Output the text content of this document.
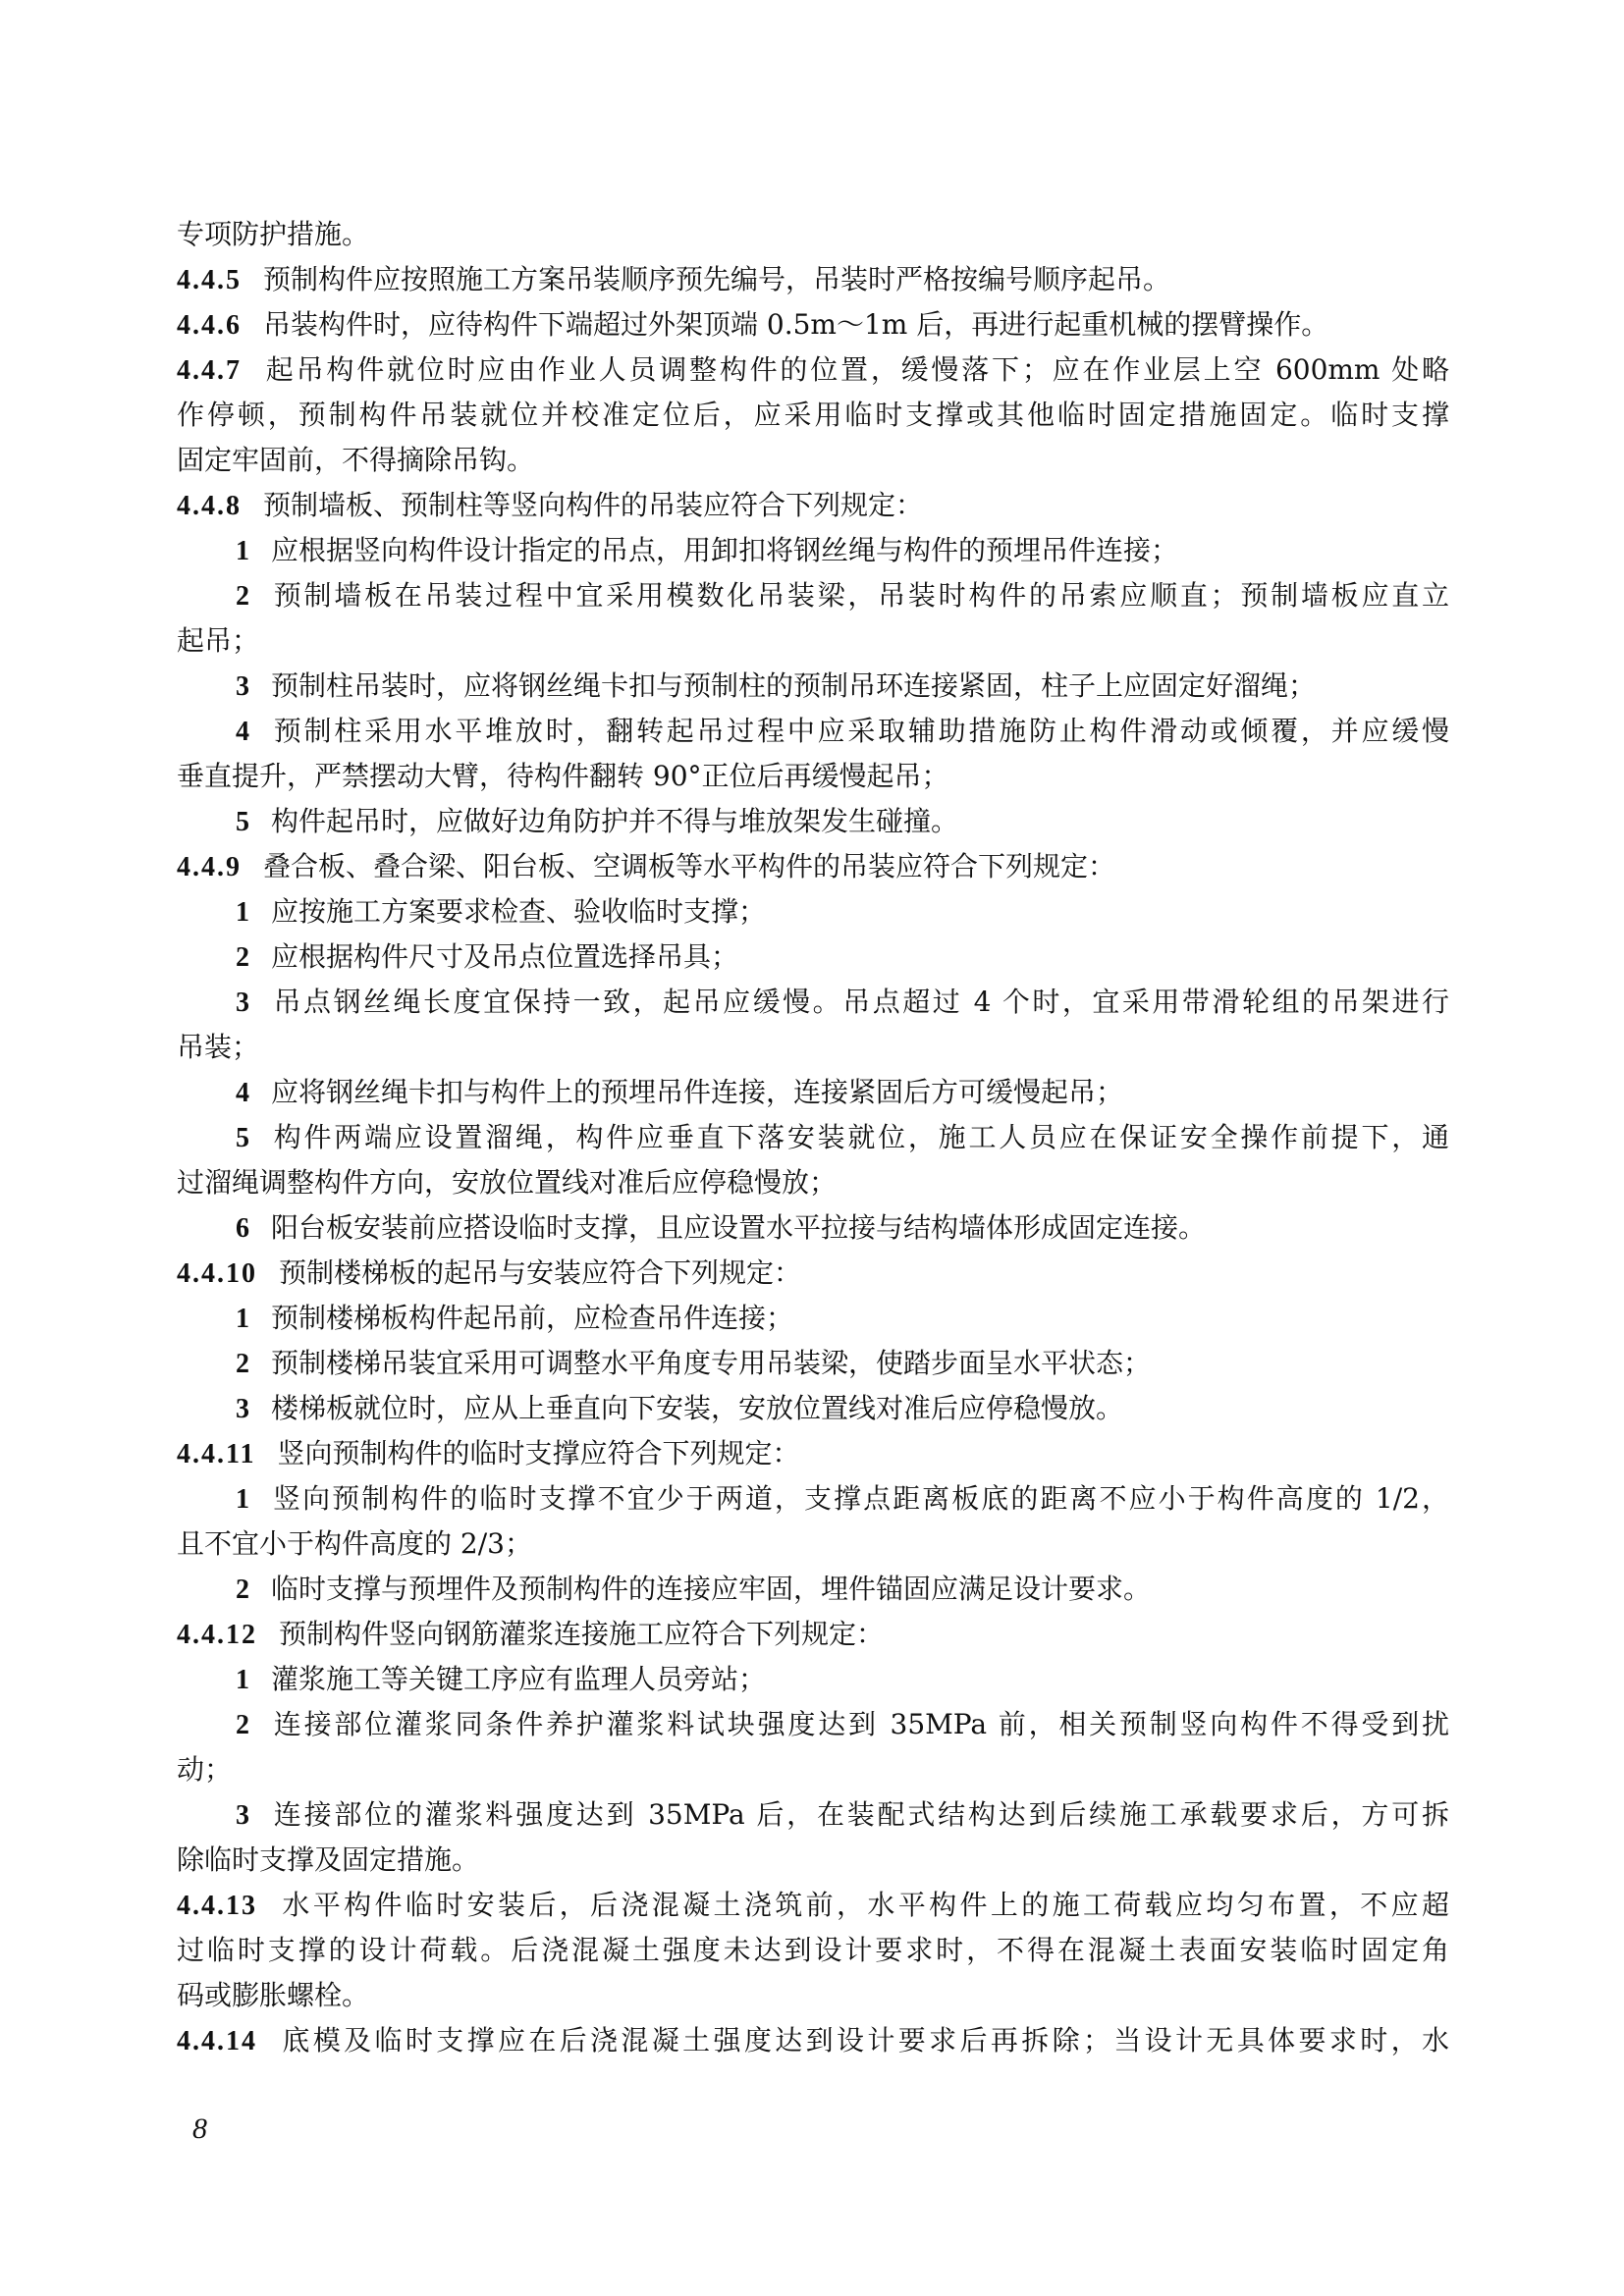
专项防护措施。
4.4.5 预制构件应按照施工方案吊装顺序预先编号，吊装时严格按编号顺序起吊。
4.4.6 吊装构件时，应待构件下端超过外架顶端 0.5m～1m 后，再进行起重机械的摆臂操作。
4.4.7 起吊构件就位时应由作业人员调整构件的位置，缓慢落下；应在作业层上空 600mm 处略
作停顿，预制构件吊装就位并校准定位后，应采用临时支撑或其他临时固定措施固定。临时支撑
固定牢固前，不得摘除吊钩。
4.4.8 预制墙板、预制柱等竖向构件的吊装应符合下列规定：
1 应根据竖向构件设计指定的吊点，用卸扣将钢丝绳与构件的预埋吊件连接；
2 预制墙板在吊装过程中宜采用模数化吊装梁，吊装时构件的吊索应顺直；预制墙板应直立
起吊；
3 预制柱吊装时，应将钢丝绳卡扣与预制柱的预制吊环连接紧固，柱子上应固定好溜绳；
4 预制柱采用水平堆放时，翻转起吊过程中应采取辅助措施防止构件滑动或倾覆，并应缓慢
垂直提升，严禁摆动大臂，待构件翻转 90°正位后再缓慢起吊；
5 构件起吊时，应做好边角防护并不得与堆放架发生碰撞。
4.4.9 叠合板、叠合梁、阳台板、空调板等水平构件的吊装应符合下列规定：
1 应按施工方案要求检查、验收临时支撑；
2 应根据构件尺寸及吊点位置选择吊具；
3 吊点钢丝绳长度宜保持一致，起吊应缓慢。吊点超过 4 个时，宜采用带滑轮组的吊架进行
吊装；
4 应将钢丝绳卡扣与构件上的预埋吊件连接，连接紧固后方可缓慢起吊；
5 构件两端应设置溜绳，构件应垂直下落安装就位，施工人员应在保证安全操作前提下，通
过溜绳调整构件方向，安放位置线对准后应停稳慢放；
6 阳台板安装前应搭设临时支撑，且应设置水平拉接与结构墙体形成固定连接。
4.4.10 预制楼梯板的起吊与安装应符合下列规定：
1 预制楼梯板构件起吊前，应检查吊件连接；
2 预制楼梯吊装宜采用可调整水平角度专用吊装梁，使踏步面呈水平状态；
3 楼梯板就位时，应从上垂直向下安装，安放位置线对准后应停稳慢放。
4.4.11 竖向预制构件的临时支撑应符合下列规定：
1 竖向预制构件的临时支撑不宜少于两道，支撑点距离板底的距离不应小于构件高度的 1/2，
且不宜小于构件高度的 2/3；
2 临时支撑与预埋件及预制构件的连接应牢固，埋件锚固应满足设计要求。
4.4.12 预制构件竖向钢筋灌浆连接施工应符合下列规定：
1 灌浆施工等关键工序应有监理人员旁站；
2 连接部位灌浆同条件养护灌浆料试块强度达到 35MPa 前，相关预制竖向构件不得受到扰
动；
3 连接部位的灌浆料强度达到 35MPa 后，在装配式结构达到后续施工承载要求后，方可拆
除临时支撑及固定措施。
4.4.13 水平构件临时安装后，后浇混凝土浇筑前，水平构件上的施工荷载应均匀布置，不应超
过临时支撑的设计荷载。后浇混凝土强度未达到设计要求时，不得在混凝土表面安装临时固定角
码或膨胀螺栓。
4.4.14 底模及临时支撑应在后浇混凝土强度达到设计要求后再拆除；当设计无具体要求时，水
8
